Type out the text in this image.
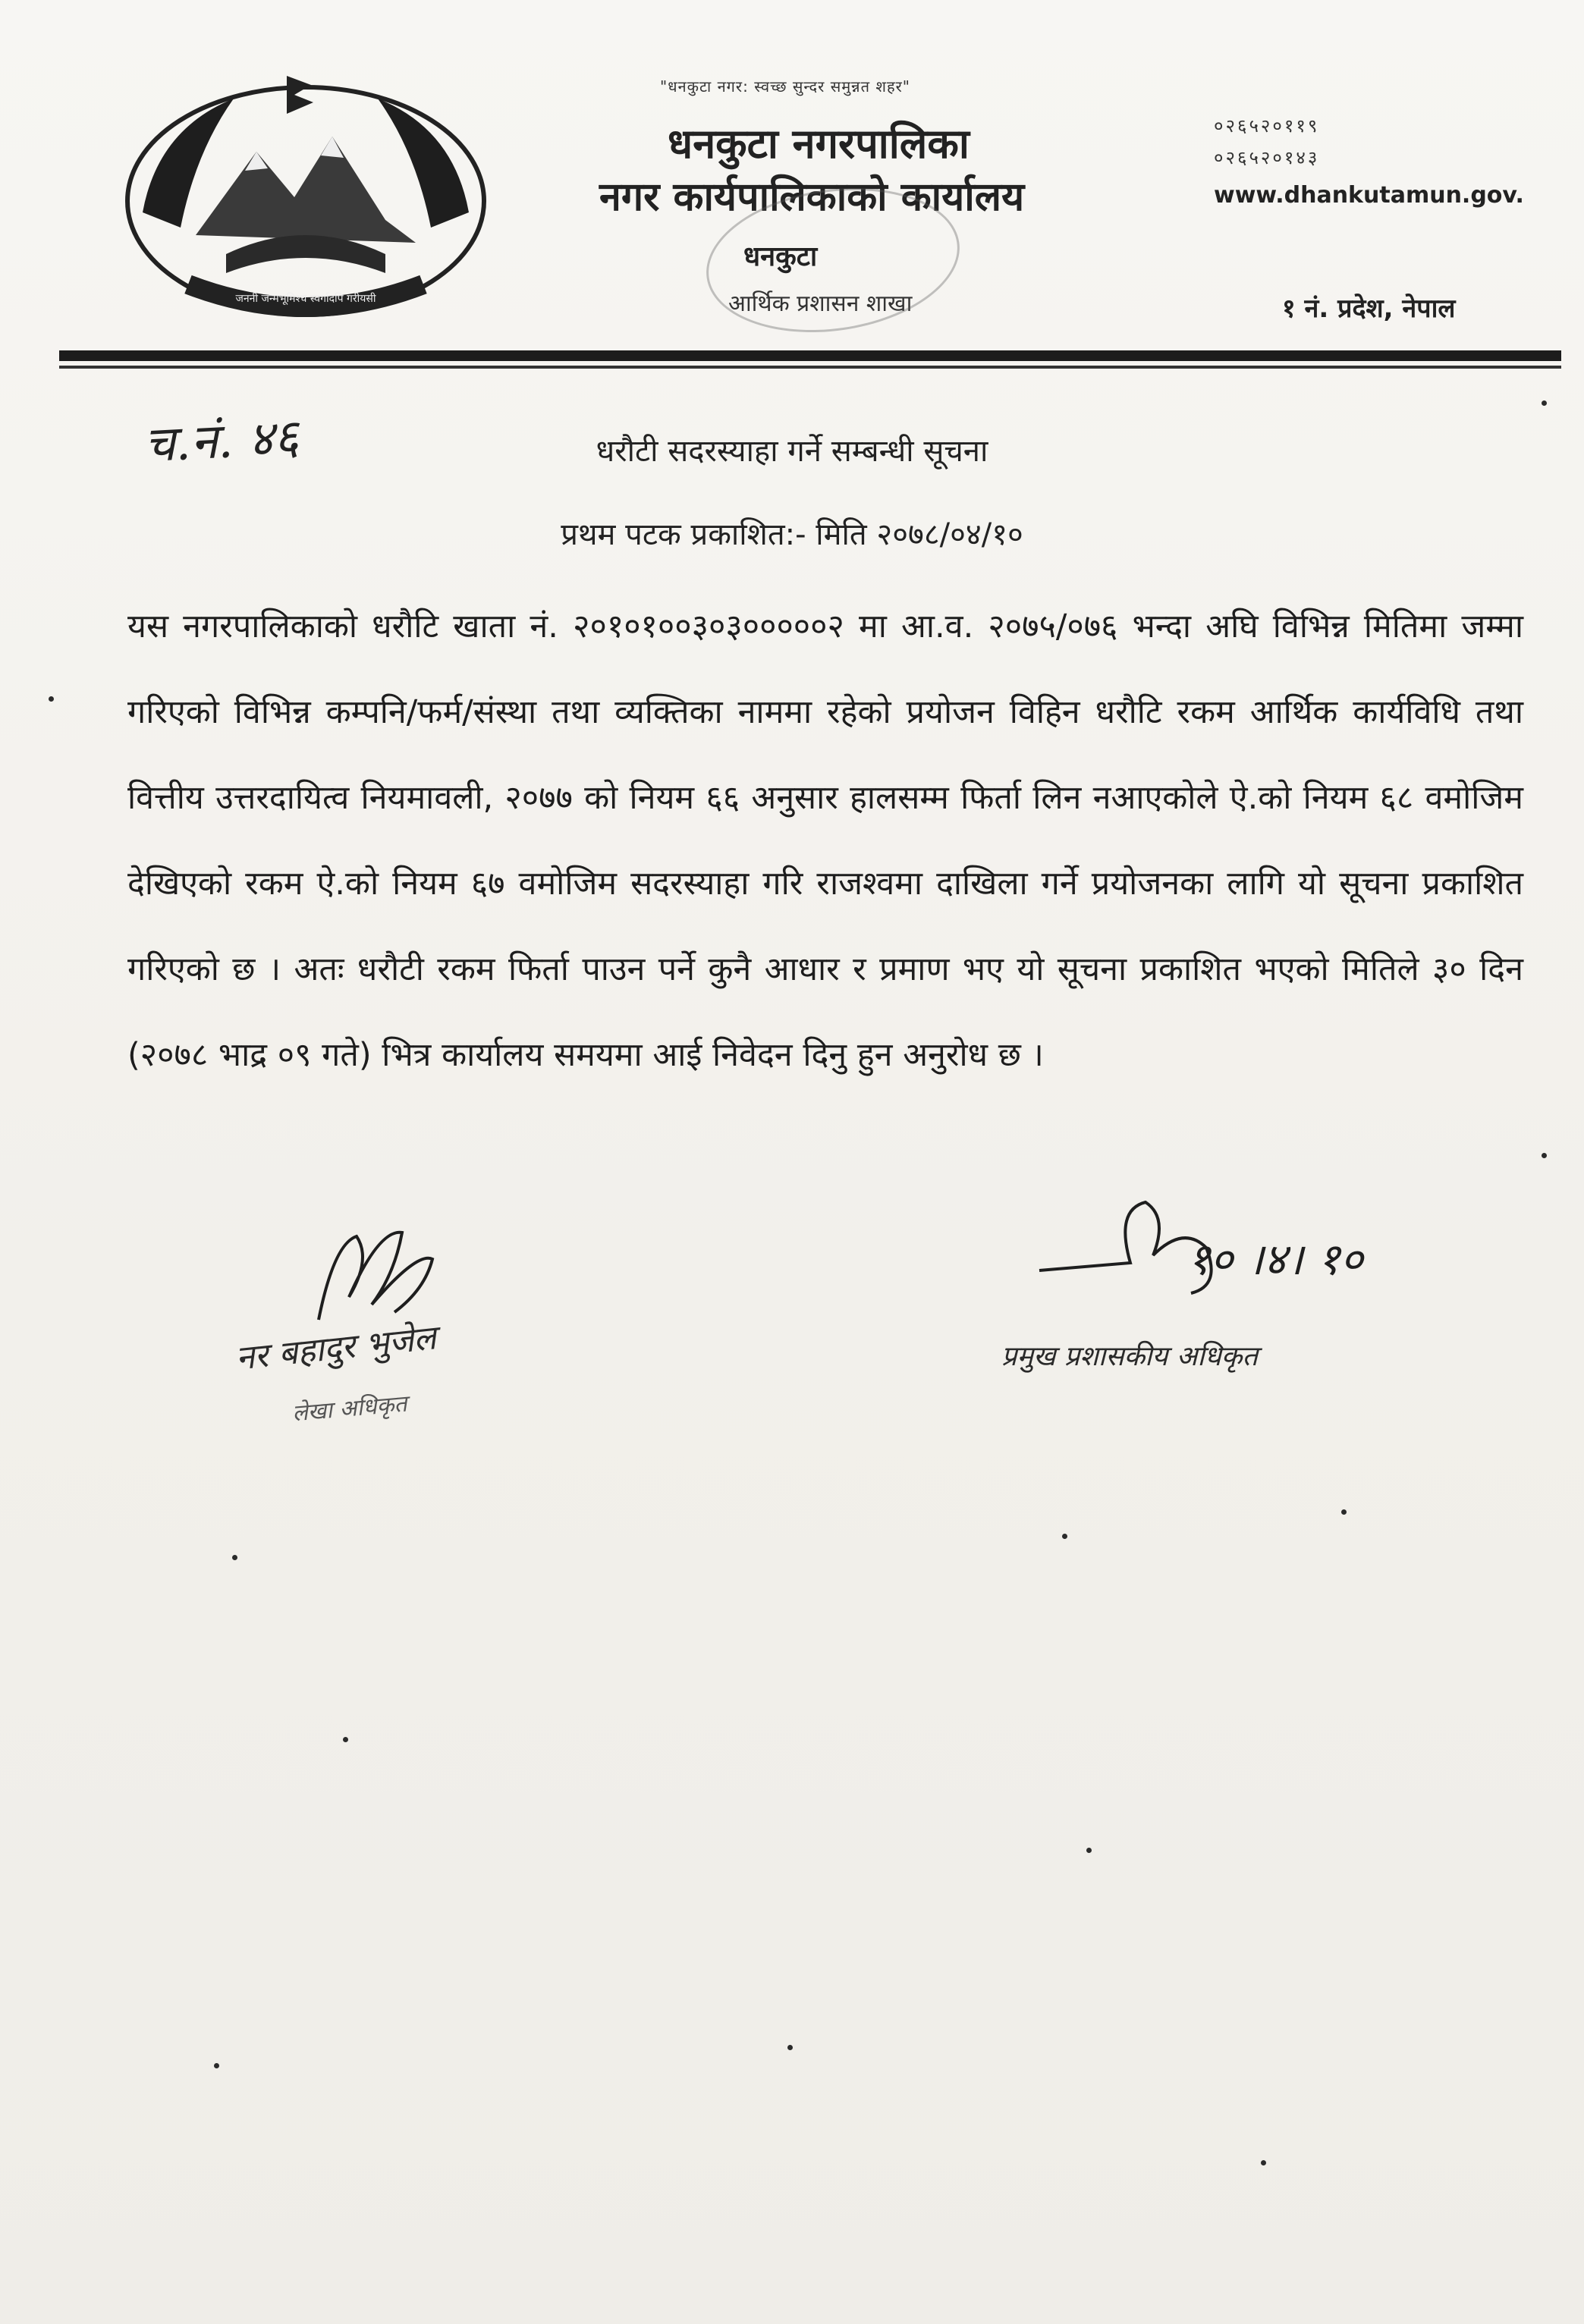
जननी जन्मभूमिश्च स्वर्गादपि गरीयसी
"धनकुटा नगर: स्वच्छ सुन्दर समुन्नत शहर"
धनकुटा नगरपालिका
नगर कार्यपालिकाको कार्यालय
धनकुटा
आर्थिक प्रशासन शाखा
०२६५२०११९
०२६५२०१४३
www.dhankutamun.gov.
१ नं. प्रदेश, नेपाल
च.नं. ४६	धरौटी सदरस्याहा गर्ने सम्बन्धी सूचना
प्रथम पटक प्रकाशित:- मिति २०७८/०४/१०
यस नगरपालिकाको धरौटि खाता नं. २०१०१००३०३०००००२ मा आ.व. २०७५/०७६ भन्दा अघि विभिन्न मितिमा जम्मा गरिएको विभिन्न कम्पनि/फर्म/संस्था तथा व्यक्तिका नाममा रहेको प्रयोजन विहिन धरौटि रकम आर्थिक कार्यविधि तथा वित्तीय उत्तरदायित्व नियमावली, २०७७ को नियम ६६ अनुसार हालसम्म फिर्ता लिन नआएकोले ऐ.को नियम ६८ वमोजिम देखिएको रकम ऐ.को नियम ६७ वमोजिम सदरस्याहा गरि राजश्वमा दाखिला गर्ने प्रयोजनका लागि यो सूचना प्रकाशित गरिएको छ । अतः धरौटी रकम फिर्ता पाउन पर्ने कुनै आधार र प्रमाण भए यो सूचना प्रकाशित भएको मितिले ३० दिन (२०७८ भाद्र ०९ गते) भित्र कार्यालय समयमा आई निवेदन दिनु हुन अनुरोध छ ।
नर बहादुर भुजेल
लेखा अधिकृत
१० ।४। १०
प्रमुख प्रशासकीय अधिकृत
